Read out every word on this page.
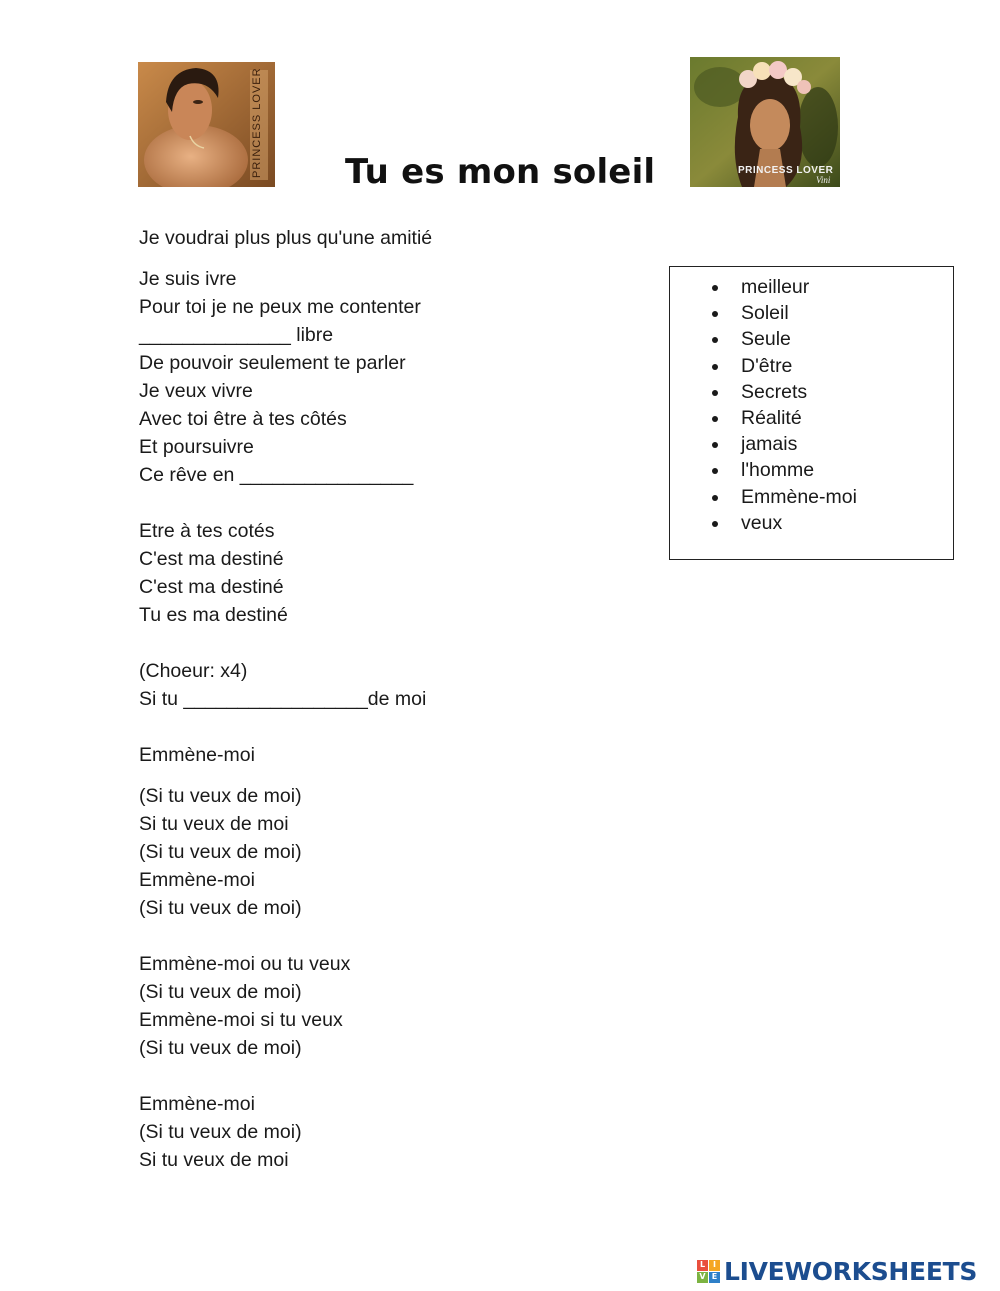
PRINCESS LOVER	PRINCESS LOVER
Vini
Tu es mon soleil
Je voudrai plus plus qu'une amitié
Je suis ivre
Pour toi je ne peux me contenter
______________ libre
De pouvoir seulement te parler
Je veux vivre
Avec toi être à tes côtés
Et poursuivre
Ce rêve en ________________
Etre à tes cotés
C'est ma destiné
C'est ma destiné
Tu es ma destiné
(Choeur: x4)
Si tu _________________de moi
Emmène-moi
(Si tu veux de moi)
Si tu veux de moi
(Si tu veux de moi)
Emmène-moi
(Si tu veux de moi)
Emmène-moi ou tu veux
(Si tu veux de moi)
Emmène-moi si tu veux
(Si tu veux de moi)
Emmène-moi
(Si tu veux de moi)
Si tu veux de moi
meilleur
Soleil
Seule
D'être
Secrets
Réalité
jamais
l'homme
Emmène-moi
veux
L I
V E LIVEWORKSHEETS
